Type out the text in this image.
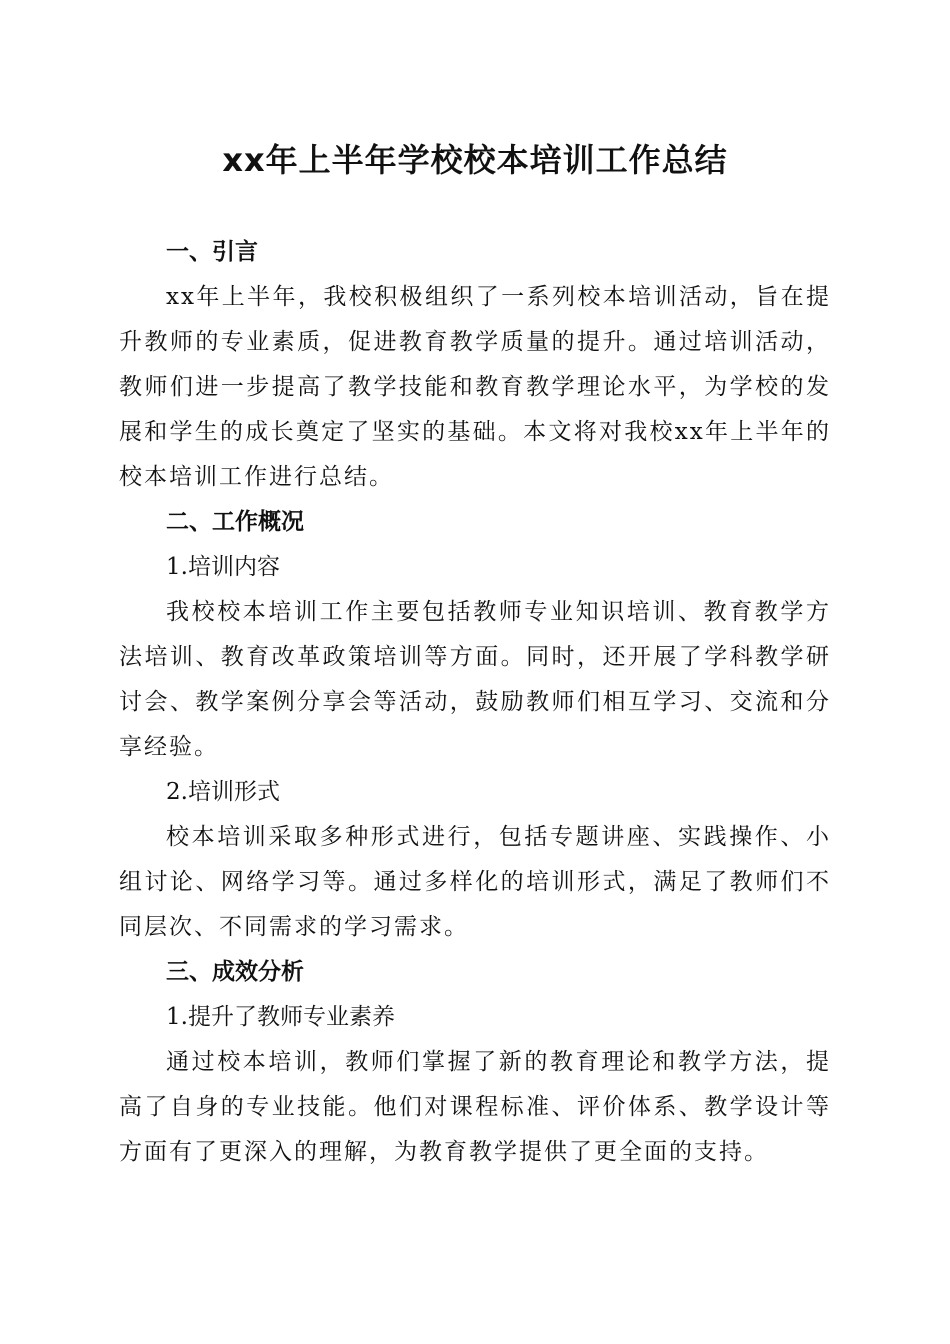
xx年上半年学校校本培训工作总结
一、引言

xx年上半年，我校积极组织了一系列校本培训活动，旨在提升教师的专业素质，促进教育教学质量的提升。通过培训活动，教师们进一步提高了教学技能和教育教学理论水平，为学校的发展和学生的成长奠定了坚实的基础。本文将对我校xx年上半年的校本培训工作进行总结。

二、工作概况

1.培训内容

我校校本培训工作主要包括教师专业知识培训、教育教学方法培训、教育改革政策培训等方面。同时，还开展了学科教学研讨会、教学案例分享会等活动，鼓励教师们相互学习、交流和分享经验。

2.培训形式

校本培训采取多种形式进行，包括专题讲座、实践操作、小组讨论、网络学习等。通过多样化的培训形式，满足了教师们不同层次、不同需求的学习需求。

三、成效分析

1.提升了教师专业素养

通过校本培训，教师们掌握了新的教育理论和教学方法，提高了自身的专业技能。他们对课程标准、评价体系、教学设计等方面有了更深入的理解，为教育教学提供了更全面的支持。
